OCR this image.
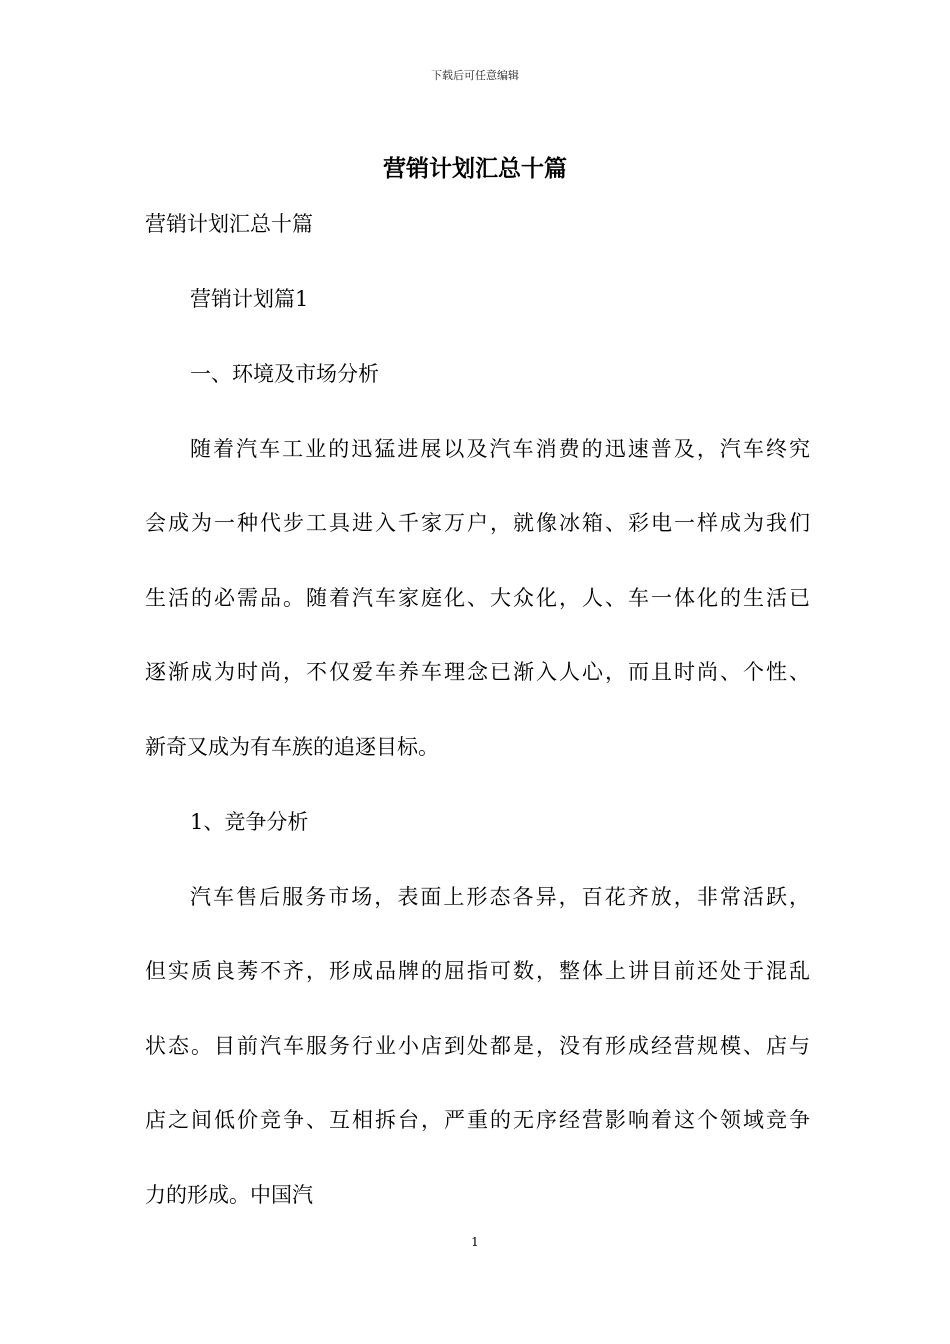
下载后可任意编辑
营销计划汇总十篇

营销计划汇总十篇

营销计划篇1

一、环境及市场分析

随着汽车工业的迅猛进展以及汽车消费的迅速普及，汽车终究

会成为一种代步工具进入千家万户，就像冰箱、彩电一样成为我们

生活的必需品。随着汽车家庭化、大众化，人、车一体化的生活已

逐渐成为时尚，不仅爱车养车理念已渐入人心，而且时尚、个性、

新奇又成为有车族的追逐目标。

1、竞争分析

汽车售后服务市场，表面上形态各异，百花齐放，非常活跃，

但实质良莠不齐，形成品牌的屈指可数，整体上讲目前还处于混乱

状态。目前汽车服务行业小店到处都是，没有形成经营规模、店与

店之间低价竞争、互相拆台，严重的无序经营影响着这个领域竞争

力的形成。中国汽

1
